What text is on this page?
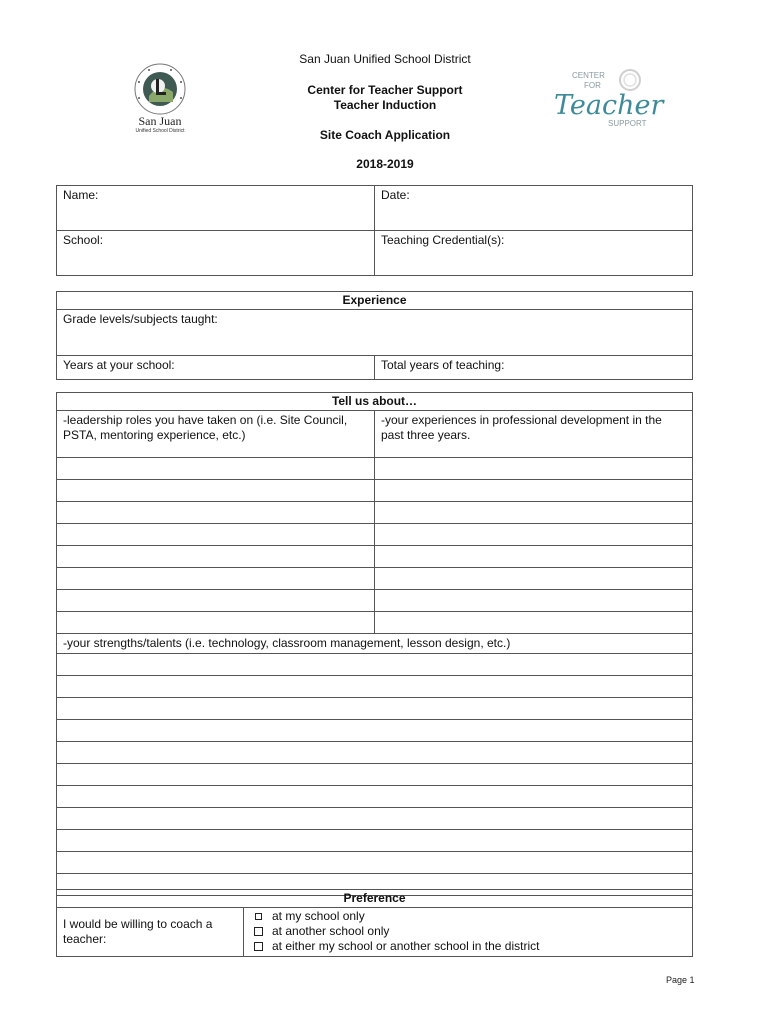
San Juan
Unified School District
San Juan Unified School District
Center for Teacher Support
Teacher Induction
Site Coach Application
2018-2019
CENTER
FOR
Teacher
SUPPORT
Name:	Date:
School:	Teaching Credential(s):
Experience
Grade levels/subjects taught:
Years at your school:	Total years of teaching:
Tell us about…	
-leadership roles you have taken on (i.e. Site Council, PSTA, mentoring experience, etc.)	-your experiences in professional development in the past three years.

-your strengths/talents (i.e. technology, classroom management, lesson design, etc.)	

Preference
I would be willing to coach a teacher:	
at my school only
at another school only
at either my school or another school in the district
Page 1
